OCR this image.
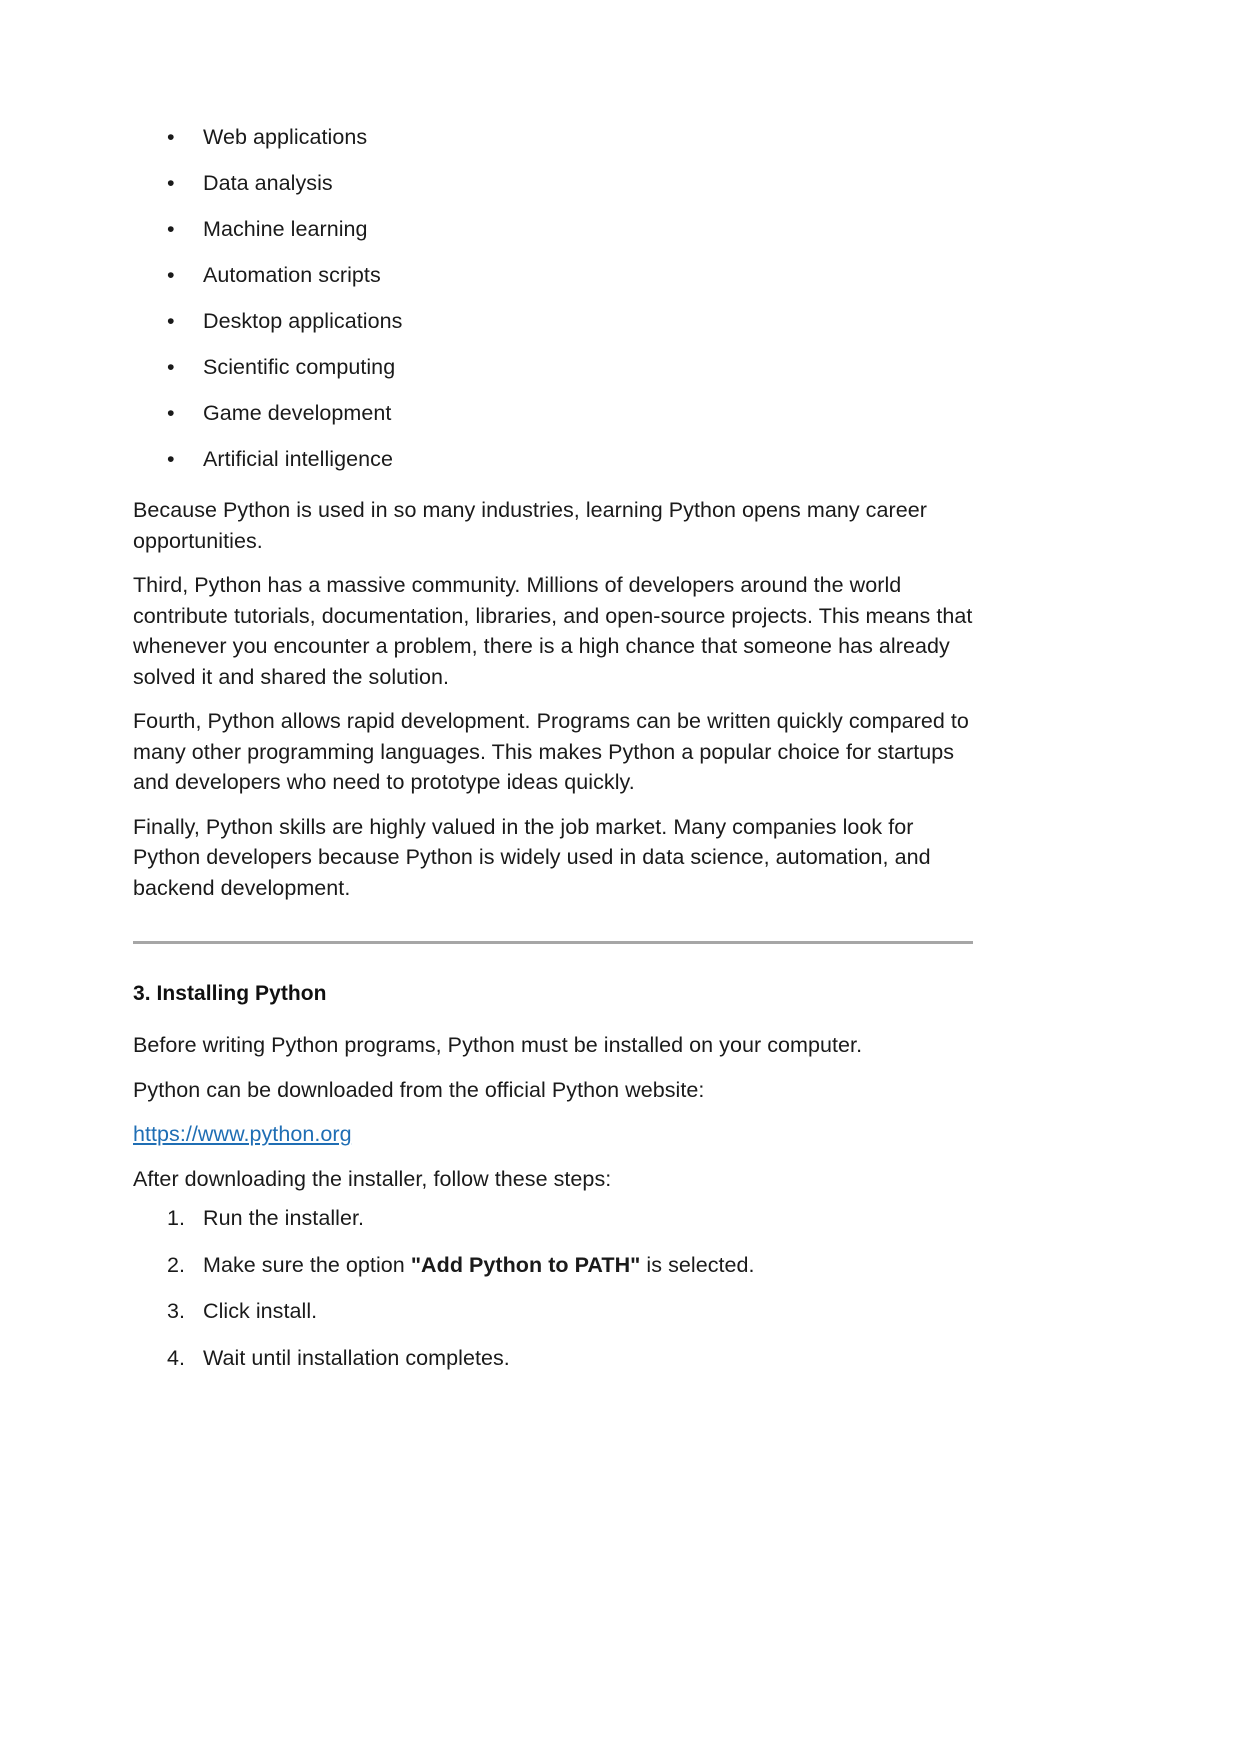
• Web applications
• Data analysis
• Machine learning
• Automation scripts
• Desktop applications
• Scientific computing
• Game development
• Artificial intelligence

Because Python is used in so many industries, learning Python opens many career opportunities.

Third, Python has a massive community. Millions of developers around the world contribute tutorials, documentation, libraries, and open-source projects. This means that whenever you encounter a problem, there is a high chance that someone has already solved it and shared the solution.

Fourth, Python allows rapid development. Programs can be written quickly compared to many other programming languages. This makes Python a popular choice for startups and developers who need to prototype ideas quickly.

Finally, Python skills are highly valued in the job market. Many companies look for Python developers because Python is widely used in data science, automation, and backend development.

3. Installing Python

Before writing Python programs, Python must be installed on your computer.

Python can be downloaded from the official Python website:

https://www.python.org

After downloading the installer, follow these steps:

1. Run the installer.
2. Make sure the option "Add Python to PATH" is selected.
3. Click install.
4. Wait until installation completes.
